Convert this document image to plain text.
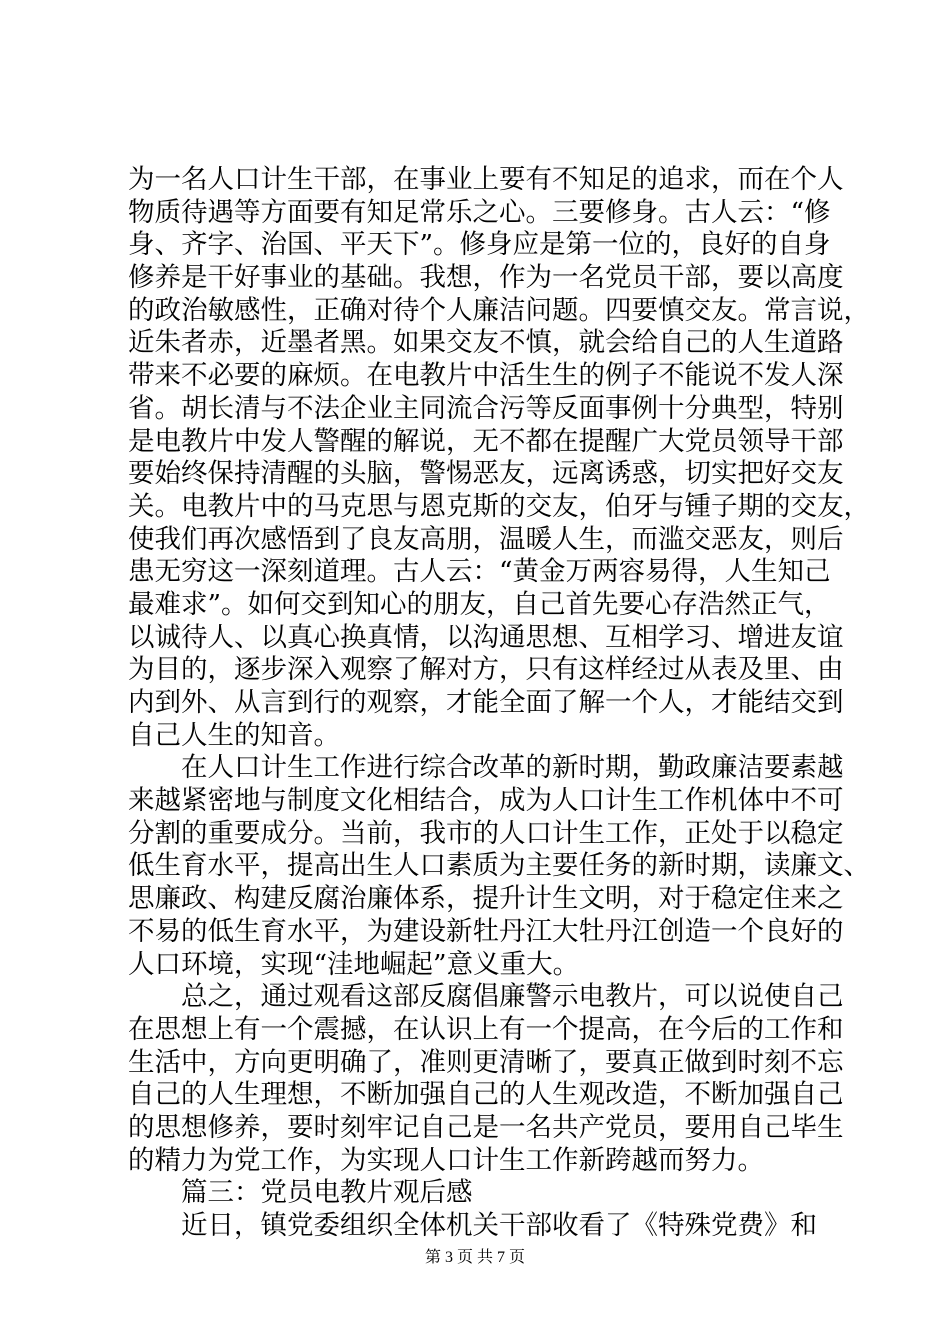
为一名人口计生干部，在事业上要有不知足的追求，而在个人
物质待遇等方面要有知足常乐之心。三要修身。古人云：“修
身、齐字、治国、平天下”。修身应是第一位的，良好的自身
修养是干好事业的基础。我想，作为一名党员干部，要以高度
的政治敏感性，正确对待个人廉洁问题。四要慎交友。常言说，
近朱者赤，近墨者黑。如果交友不慎，就会给自己的人生道路
带来不必要的麻烦。在电教片中活生生的例子不能说不发人深
省。胡长清与不法企业主同流合污等反面事例十分典型，特别
是电教片中发人警醒的解说，无不都在提醒广大党员领导干部
要始终保持清醒的头脑，警惕恶友，远离诱惑，切实把好交友
关。电教片中的马克思与恩克斯的交友，伯牙与锺子期的交友，
使我们再次感悟到了良友高朋，温暖人生，而滥交恶友，则后
患无穷这一深刻道理。古人云：“黄金万两容易得，人生知己
最难求”。如何交到知心的朋友，自己首先要心存浩然正气，
以诚待人、以真心换真情，以沟通思想、互相学习、增进友谊
为目的，逐步深入观察了解对方，只有这样经过从表及里、由
内到外、从言到行的观察，才能全面了解一个人，才能结交到
自己人生的知音。
　　在人口计生工作进行综合改革的新时期，勤政廉洁要素越
来越紧密地与制度文化相结合，成为人口计生工作机体中不可
分割的重要成分。当前，我市的人口计生工作，正处于以稳定
低生育水平，提高出生人口素质为主要任务的新时期，读廉文、
思廉政、构建反腐治廉体系，提升计生文明，对于稳定住来之
不易的低生育水平，为建设新牡丹江大牡丹江创造一个良好的
人口环境，实现“洼地崛起”意义重大。
　　总之，通过观看这部反腐倡廉警示电教片，可以说使自己
在思想上有一个震撼，在认识上有一个提高，在今后的工作和
生活中，方向更明确了，准则更清晰了，要真正做到时刻不忘
自己的人生理想，不断加强自己的人生观改造，不断加强自己
的思想修养，要时刻牢记自己是一名共产党员，要用自己毕生
的精力为党工作，为实现人口计生工作新跨越而努力。
　　篇三：党员电教片观后感
　　近日，镇党委组织全体机关干部收看了《特殊党费》和
第 3 页 共 7 页
